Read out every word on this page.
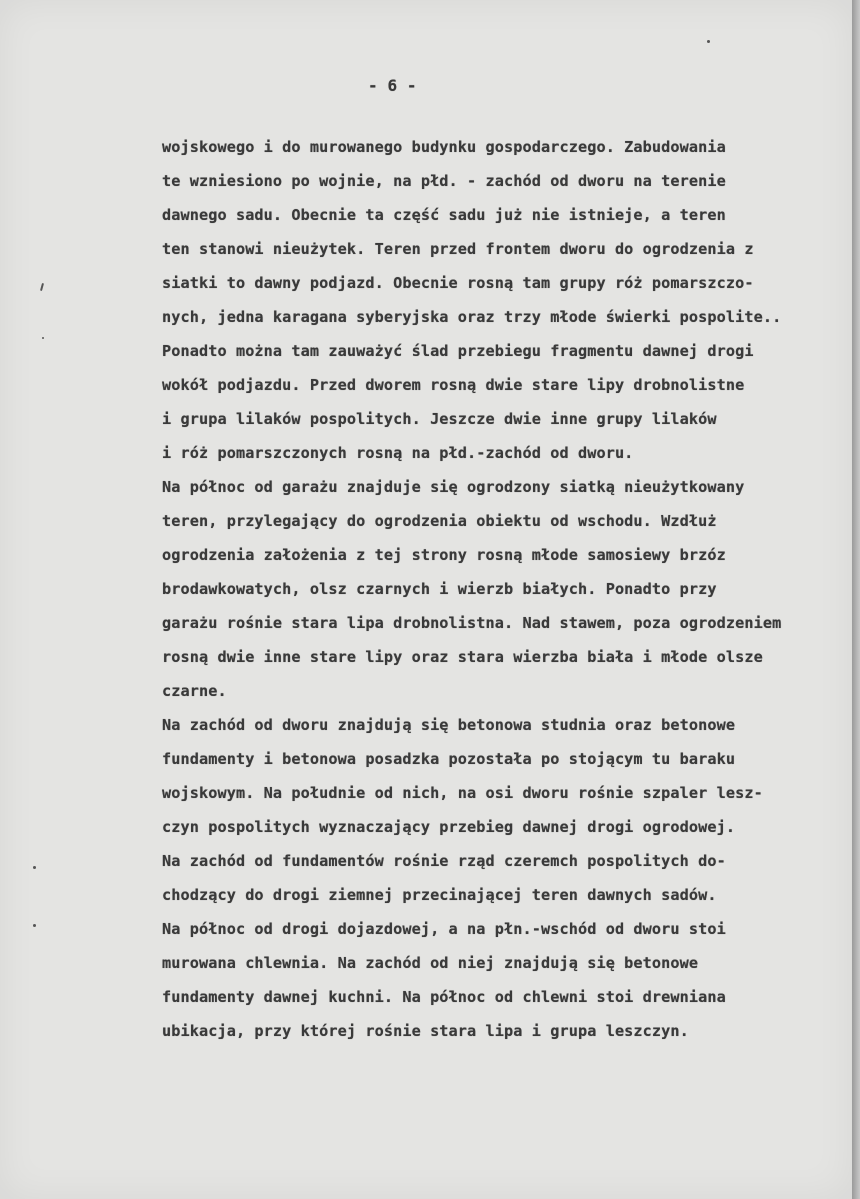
- 6 -
wojskowego i do murowanego budynku gospodarczego. Zabudowania
te wzniesiono po wojnie, na płd. - zachód od dworu na terenie
dawnego sadu. Obecnie ta część sadu już nie istnieje, a teren
ten stanowi nieużytek. Teren przed frontem dworu do ogrodzenia z
siatki to dawny podjazd. Obecnie rosną tam grupy róż pomarszczo-
nych, jedna karagana syberyjska oraz trzy młode świerki pospolite..
Ponadto można tam zauważyć ślad przebiegu fragmentu dawnej drogi
wokół podjazdu. Przed dworem rosną dwie stare lipy drobnolistne
i grupa lilaków pospolitych. Jeszcze dwie inne grupy lilaków
i róż pomarszczonych rosną na płd.-zachód od dworu.
Na północ od garażu znajduje się ogrodzony siatką nieużytkowany
teren, przylegający do ogrodzenia obiektu od wschodu. Wzdłuż
ogrodzenia założenia z tej strony rosną młode samosiewy brzóz
brodawkowatych, olsz czarnych i wierzb białych. Ponadto przy
garażu rośnie stara lipa drobnolistna. Nad stawem, poza ogrodzeniem
rosną dwie inne stare lipy oraz stara wierzba biała i młode olsze
czarne.
Na zachód od dworu znajdują się betonowa studnia oraz betonowe
fundamenty i betonowa posadzka pozostała po stojącym tu baraku
wojskowym. Na południe od nich, na osi dworu rośnie szpaler lesz-
czyn pospolitych wyznaczający przebieg dawnej drogi ogrodowej.
Na zachód od fundamentów rośnie rząd czeremch pospolitych do-
chodzący do drogi ziemnej przecinającej teren dawnych sadów.
Na północ od drogi dojazdowej, a na płn.-wschód od dworu stoi
murowana chlewnia. Na zachód od niej znajdują się betonowe
fundamenty dawnej kuchni. Na północ od chlewni stoi drewniana
ubikacja, przy której rośnie stara lipa i grupa leszczyn.
